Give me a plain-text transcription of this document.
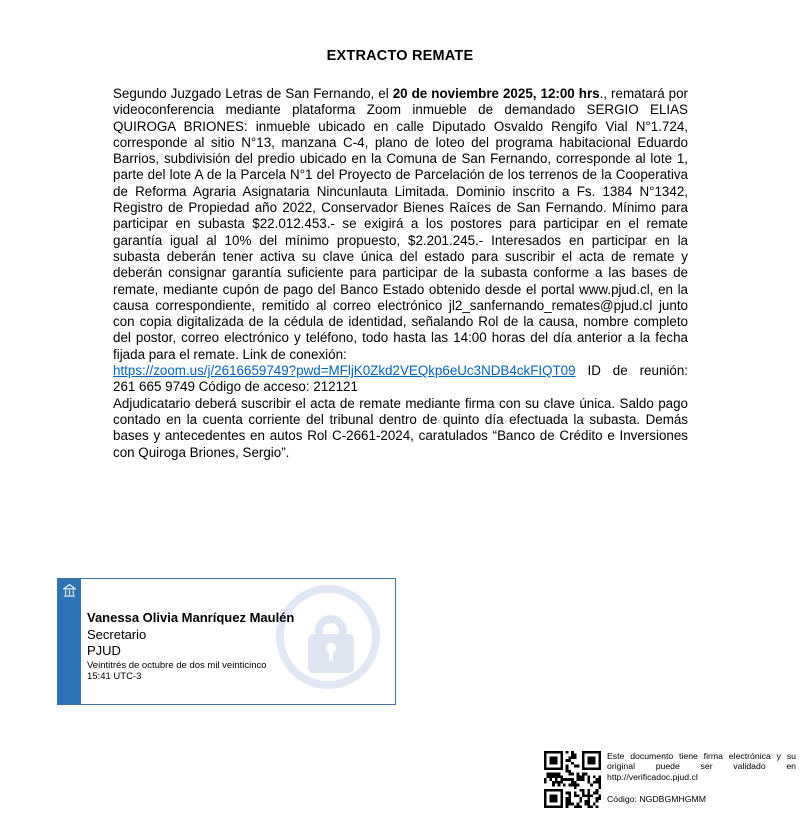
EXTRACTO REMATE
Segundo Juzgado Letras de San Fernando, el 20 de noviembre 2025, 12:00 hrs., rematará por videoconferencia mediante plataforma Zoom inmueble de demandado SERGIO ELIAS QUIROGA BRIONES: inmueble ubicado en calle Diputado Osvaldo Rengifo Vial N°1.724, corresponde al sitio N°13, manzana C-4, plano de loteo del programa habitacional Eduardo Barrios, subdivisión del predio ubicado en la Comuna de San Fernando, corresponde al lote 1, parte del lote A de la Parcela N°1 del Proyecto de Parcelación de los terrenos de la Cooperativa de Reforma Agraria Asignataria Nincunlauta Limitada. Dominio inscrito a Fs. 1384 N°1342, Registro de Propiedad año 2022, Conservador Bienes Raíces de San Fernando. Mínimo para participar en subasta $22.012.453.- se exigirá a los postores para participar en el remate garantía igual al 10% del mínimo propuesto, $2.201.245.- Interesados en participar en la subasta deberán tener activa su clave única del estado para suscribir el acta de remate y deberán consignar garantía suficiente para participar de la subasta conforme a las bases de remate, mediante cupón de pago del Banco Estado obtenido desde el portal www.pjud.cl, en la causa correspondiente, remitido al correo electrónico jl2_sanfernando_remates@pjud.cl junto con copia digitalizada de la cédula de identidad, señalando Rol de la causa, nombre completo del postor, correo electrónico y teléfono, todo hasta las 14:00 horas del día anterior a la fecha fijada para el remate. Link de conexión:
https://zoom.us/j/2616659749?pwd=MFljK0Zkd2VEQkp6eUc3NDB4ckFIQT09 ID de reunión: 261 665 9749 Código de acceso: 212121
Adjudicatario deberá suscribir el acta de remate mediante firma con su clave única. Saldo pago contado en la cuenta corriente del tribunal dentro de quinto día efectuada la subasta. Demás bases y antecedentes en autos Rol C-2661-2024, caratulados “Banco de Crédito e Inversiones con Quiroga Briones, Sergio”.
Vanessa Olivia Manríquez Maulén
Secretario
PJUD
Veintitrés de octubre de dos mil veinticinco
15:41 UTC-3
Este documento tiene firma electrónica y su original puede ser validado en http://verificadoc.pjud.cl
Código: NGDBGMHGMM
